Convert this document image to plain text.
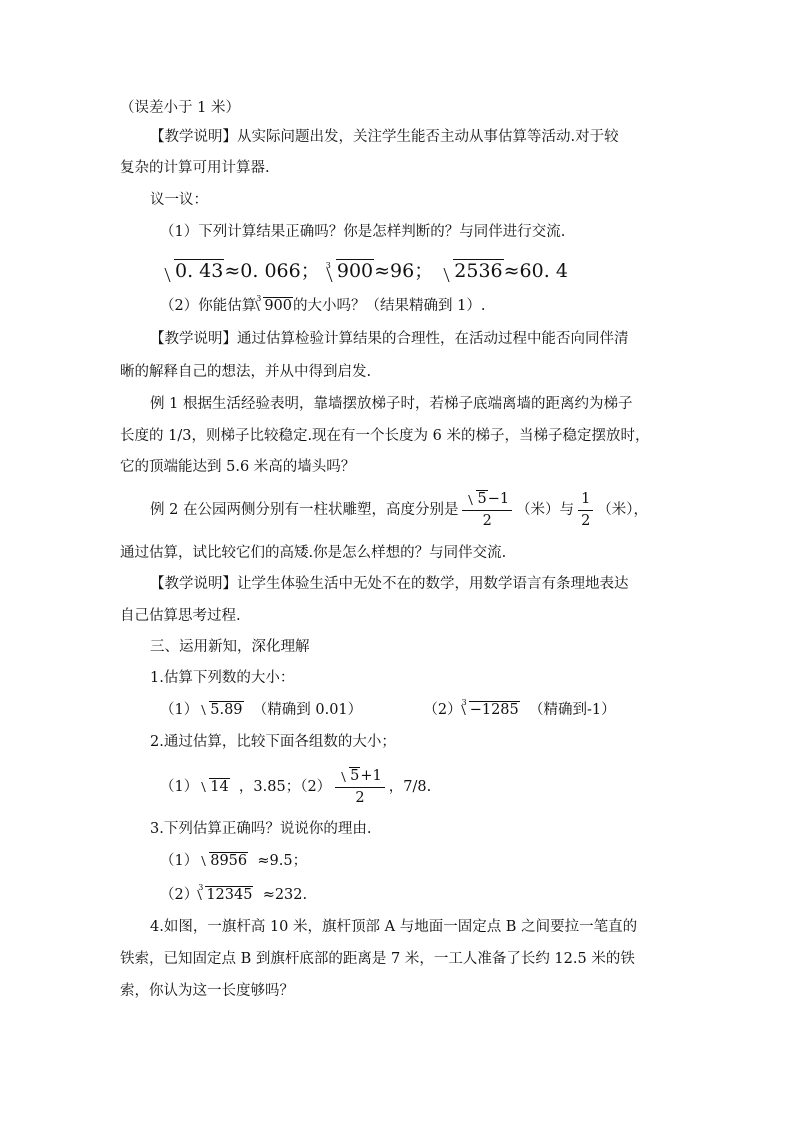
（误差小于 1 米）
【教学说明】从实际问题出发，关注学生能否主动从事估算等活动.对于较
复杂的计算可用计算器.
议一议：
（1）下列计算结果正确吗？你是怎样判断的？与同伴进行交流.
0. 43≈0. 066； $^3$ 900≈96； 2536≈60. 4
（2）你能估算$^3$ 900的大小吗？（结果精确到 1）.
【教学说明】通过估算检验计算结果的合理性，在活动过程中能否向同伴清
晰的解释自己的想法，并从中得到启发.
例 1 根据生活经验表明，靠墙摆放梯子时，若梯子底端离墙的距离约为梯子
长度的 1/3，则梯子比较稳定.现在有一个长度为 6 米的梯子，当梯子稳定摆放时，
它的顶端能达到 5.6 米高的墙头吗？
例 2 在公园两侧分别有一柱状雕塑，高度分别是 $\frac{5-1}{2}$ （米）与 $\frac{1}{2}$ （米），
通过估算，试比较它们的高矮.你是怎么样想的？与同伴交流.
【教学说明】让学生体验生活中无处不在的数学，用数学语言有条理地表达
自己估算思考过程.
三、运用新知，深化理解
1.估算下列数的大小：
（1） 5.89 （精确到 0.01）	$(2)^3 -1285$ （精确到-1）
2.通过估算，比较下面各组数的大小；
（1） 14 ，3.85；$(2) \frac{5+1}{2}$ ，7/8.
3.下列估算正确吗？说说你的理由.
（1） 8956 ≈9.5；
$(2)^3$ 12345 ≈232.
4.如图，一旗杆高 10 米，旗杆顶部 A 与地面一固定点 B 之间要拉一笔直的
铁索，已知固定点 B 到旗杆底部的距离是 7 米，一工人准备了长约 12.5 米的铁
索，你认为这一长度够吗？
